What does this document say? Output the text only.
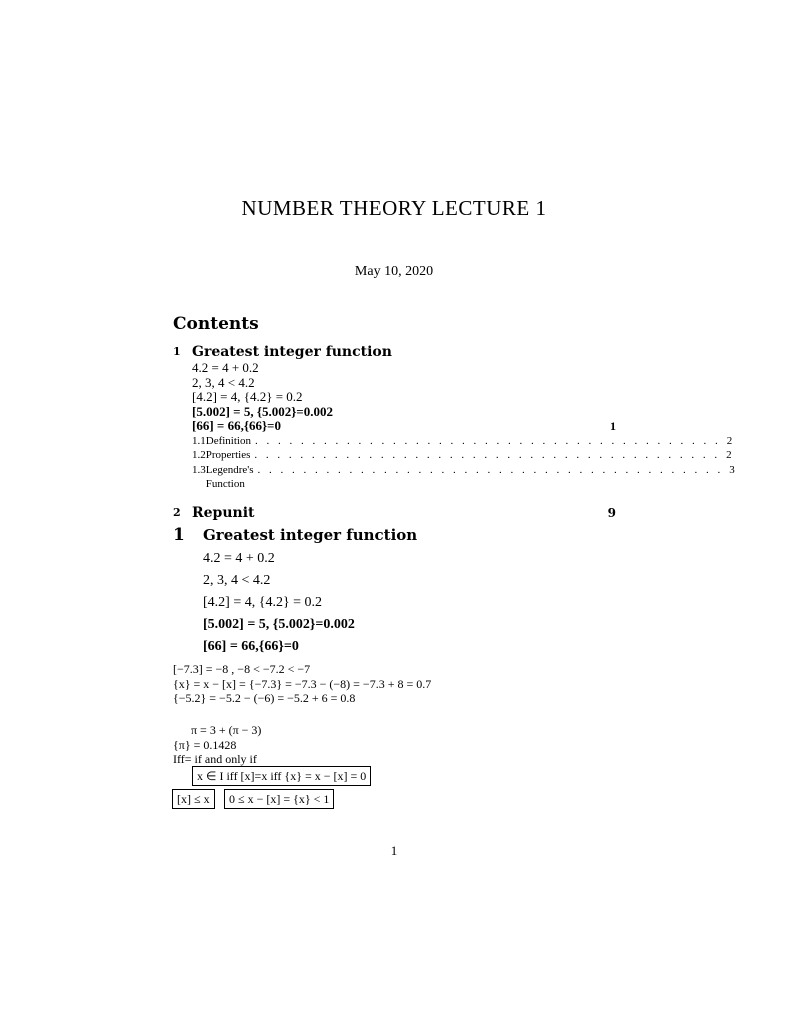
NUMBER THEORY LECTURE 1
May 10, 2020
Contents
1 Greatest integer function
4.2 = 4 + 0.2
2, 3, 4 < 4.2
[4.2] = 4, {4.2} = 0.2
[5.002] = 5, {5.002}=0.002
[66] = 66,{66}=0	1
1.1 Definition . . . . . . . . . . . . . . . . . . . . . . . . . . . . . . . . . . . . . . . . . 2
1.2 Properties . . . . . . . . . . . . . . . . . . . . . . . . . . . . . . . . . . . . . . . . . 2
1.3 Legendre's Function
. . . . . . . . . . . . . . . . . . . . . . . . . . . . . . . . . . . . . . . . . 3
2 Repunit	9
1 Greatest integer function
4.2 = 4 + 0.2
2, 3, 4 < 4.2
[4.2] = 4, {4.2} = 0.2
[5.002] = 5, {5.002}=0.002
[66] = 66,{66}=0
[−7.3] = −8 , −8 < −7.2 < −7
{x} = x − [x] = {−7.3} = −7.3 − (−8) = −7.3 + 8 = 0.7
{−5.2} = −5.2 − (−6) = −5.2 + 6 = 0.8
π = 3 + (π − 3)
{π} = 0.1428
Iff= if and only if
x ∈ I iff [x]=x iff {x} = x − [x] = 0
[x] ≤ x	0 ≤ x − [x] = {x} < 1
1
